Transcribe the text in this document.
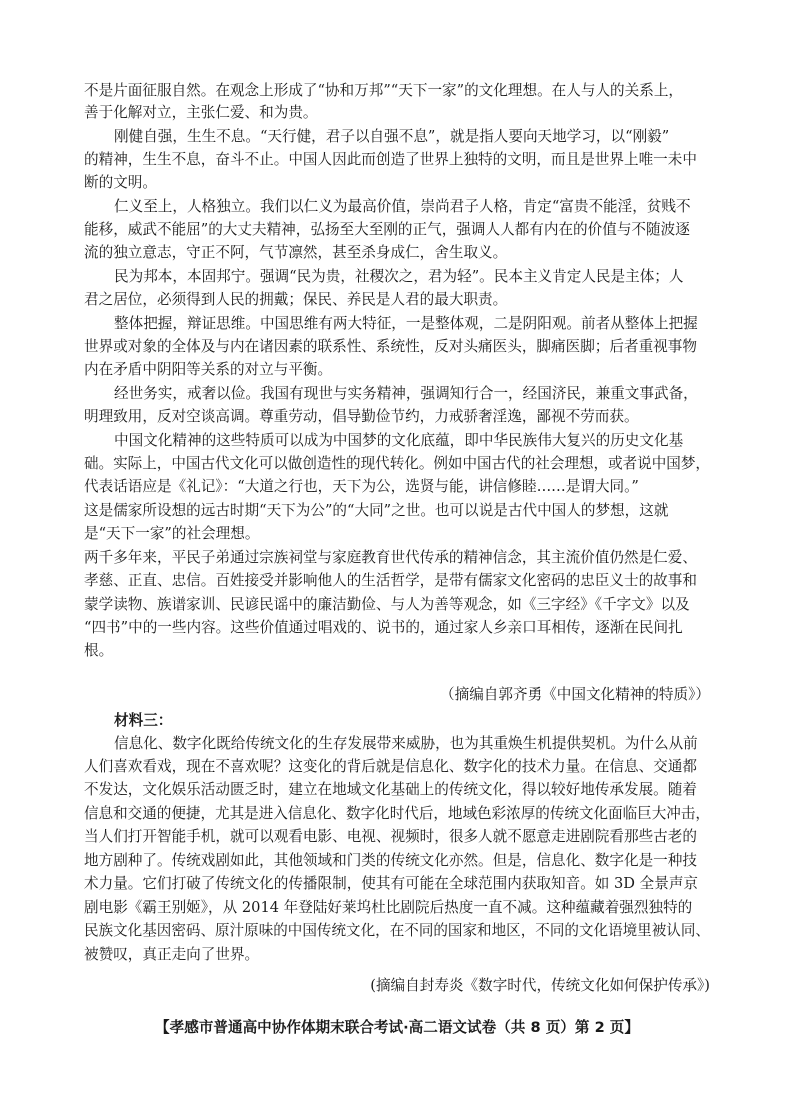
不是片面征服自然。在观念上形成了“协和万邦”“天下一家”的文化理想。在人与人的关系上，
善于化解对立，主张仁爱、和为贵。
刚健自强，生生不息。“天行健，君子以自强不息”，就是指人要向天地学习，以“刚毅”
的精神，生生不息，奋斗不止。中国人因此而创造了世界上独特的文明，而且是世界上唯一未中
断的文明。
仁义至上，人格独立。我们以仁义为最高价值，崇尚君子人格，肯定“富贵不能淫，贫贱不
能移，威武不能屈”的大丈夫精神，弘扬至大至刚的正气，强调人人都有内在的价值与不随波逐
流的独立意志，守正不阿，气节凛然，甚至杀身成仁，舍生取义。
民为邦本，本固邦宁。强调“民为贵，社稷次之，君为轻”。民本主义肯定人民是主体；人
君之居位，必须得到人民的拥戴；保民、养民是人君的最大职责。
整体把握，辩证思维。中国思维有两大特征，一是整体观，二是阴阳观。前者从整体上把握
世界或对象的全体及与内在诸因素的联系性、系统性，反对头痛医头，脚痛医脚；后者重视事物
内在矛盾中阴阳等关系的对立与平衡。
经世务实，戒奢以俭。我国有现世与实务精神，强调知行合一，经国济民，兼重文事武备，
明理致用，反对空谈高调。尊重劳动，倡导勤俭节约，力戒骄奢淫逸，鄙视不劳而获。
中国文化精神的这些特质可以成为中国梦的文化底蕴，即中华民族伟大复兴的历史文化基
础。实际上，中国古代文化可以做创造性的现代转化。例如中国古代的社会理想，或者说中国梦，
代表话语应是《礼记》：“大道之行也，天下为公，选贤与能，讲信修睦……是谓大同。”
这是儒家所设想的远古时期“天下为公”的“大同”之世。也可以说是古代中国人的梦想，这就
是“天下一家”的社会理想。
两千多年来，平民子弟通过宗族祠堂与家庭教育世代传承的精神信念，其主流价值仍然是仁爱、
孝慈、正直、忠信。百姓接受并影响他人的生活哲学，是带有儒家文化密码的忠臣义士的故事和
蒙学读物、族谱家训、民谚民谣中的廉洁勤俭、与人为善等观念，如《三字经》《千字文》以及
“四书”中的一些内容。这些价值通过唱戏的、说书的，通过家人乡亲口耳相传，逐渐在民间扎
根。
（摘编自郭齐勇《中国文化精神的特质》）
材料三：
信息化、数字化既给传统文化的生存发展带来威胁，也为其重焕生机提供契机。为什么从前
人们喜欢看戏，现在不喜欢呢？这变化的背后就是信息化、数字化的技术力量。在信息、交通都
不发达，文化娱乐活动匮乏时，建立在地域文化基础上的传统文化，得以较好地传承发展。随着
信息和交通的便捷，尤其是进入信息化、数字化时代后，地域色彩浓厚的传统文化面临巨大冲击，
当人们打开智能手机，就可以观看电影、电视、视频时，很多人就不愿意走进剧院看那些古老的
地方剧种了。传统戏剧如此，其他领域和门类的传统文化亦然。但是，信息化、数字化是一种技
术力量。它们打破了传统文化的传播限制，使其有可能在全球范围内获取知音。如 3D 全景声京
剧电影《霸王别姬》，从 2014 年登陆好莱坞杜比剧院后热度一直不减。这种蕴藏着强烈独特的
民族文化基因密码、原汁原味的中国传统文化，在不同的国家和地区，不同的文化语境里被认同、
被赞叹，真正走向了世界。
(摘编自封寿炎《数字时代，传统文化如何保护传承》)
【孝感市普通高中协作体期末联合考试·高二语文试卷（共 8 页）第 2 页】
